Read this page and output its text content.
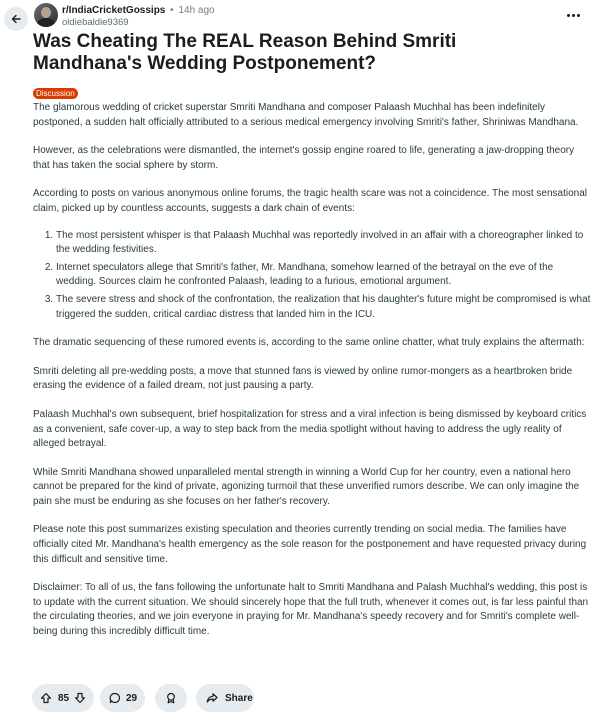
r/IndiaCricketGossips • 14h ago
oldiebaldie9369
Was Cheating The REAL Reason Behind Smriti Mandhana's Wedding Postponement?
Discussion

The glamorous wedding of cricket superstar Smriti Mandhana and composer Palaash Muchhal has been indefinitely postponed, a sudden halt officially attributed to a serious medical emergency involving Smriti's father, Shriniwas Mandhana.

However, as the celebrations were dismantled, the internet's gossip engine roared to life, generating a jaw-dropping theory that has taken the social sphere by storm.

According to posts on various anonymous online forums, the tragic health scare was not a coincidence. The most sensational claim, picked up by countless accounts, suggests a dark chain of events:

1. The most persistent whisper is that Palaash Muchhal was reportedly involved in an affair with a choreographer linked to the wedding festivities.
2. Internet speculators allege that Smriti's father, Mr. Mandhana, somehow learned of the betrayal on the eve of the wedding. Sources claim he confronted Palaash, leading to a furious, emotional argument.
3. The severe stress and shock of the confrontation, the realization that his daughter's future might be compromised is what triggered the sudden, critical cardiac distress that landed him in the ICU.

The dramatic sequencing of these rumored events is, according to the same online chatter, what truly explains the aftermath:

Smriti deleting all pre-wedding posts, a move that stunned fans is viewed by online rumor-mongers as a heartbroken bride erasing the evidence of a failed dream, not just pausing a party.

Palaash Muchhal's own subsequent, brief hospitalization for stress and a viral infection is being dismissed by keyboard critics as a convenient, safe cover-up, a way to step back from the media spotlight without having to address the ugly reality of alleged betrayal.

While Smriti Mandhana showed unparalleled mental strength in winning a World Cup for her country, even a national hero cannot be prepared for the kind of private, agonizing turmoil that these unverified rumors describe. We can only imagine the pain she must be enduring as she focuses on her father's recovery.

Please note this post summarizes existing speculation and theories currently trending on social media. The families have officially cited Mr. Mandhana's health emergency as the sole reason for the postponement and have requested privacy during this difficult and sensitive time.

Disclaimer: To all of us, the fans following the unfortunate halt to Smriti Mandhana and Palash Muchhal's wedding, this post is to update with the current situation. We should sincerely hope that the full truth, whenever it comes out, is far less painful than the circulating theories, and we join everyone in praying for Mr. Mandhana's speedy recovery and for Smriti's complete well-being during this incredibly difficult time.

85	29	Share
